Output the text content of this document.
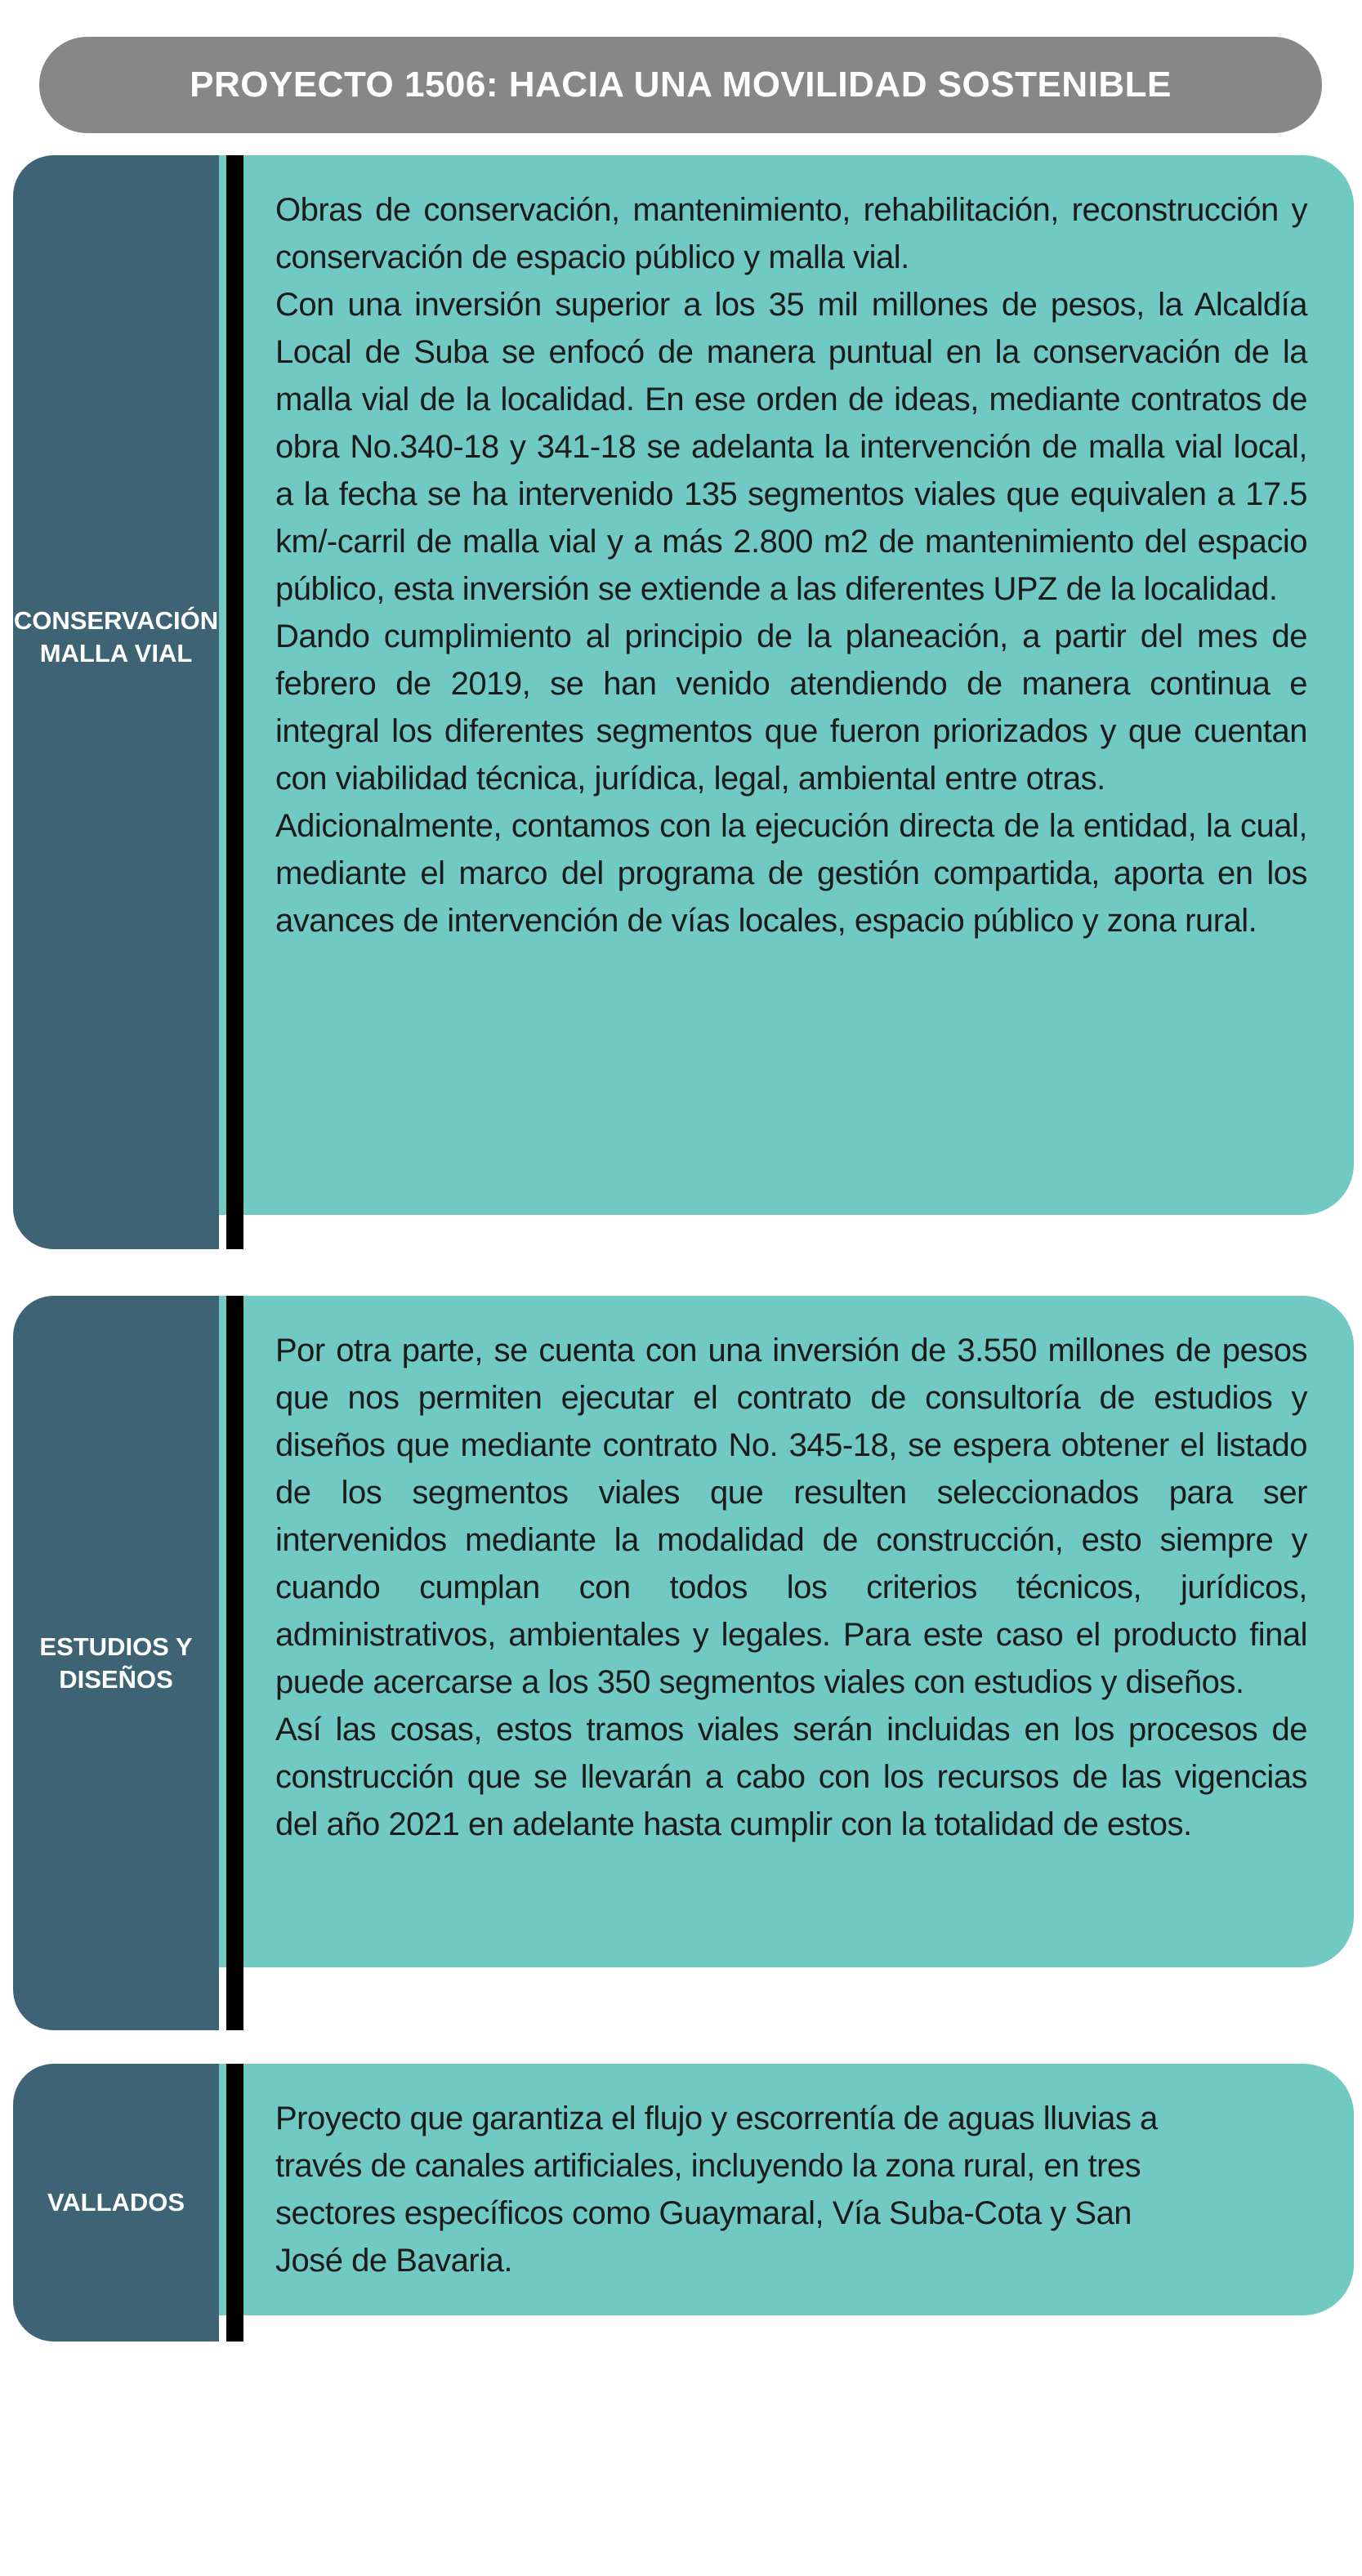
PROYECTO 1506: HACIA UNA MOVILIDAD SOSTENIBLE

Obras de conservación, mantenimiento, rehabilitación, reconstrucción y conservación de espacio público y malla vial.

Con una inversión superior a los 35 mil millones de pesos, la Alcaldía Local de Suba se enfocó de manera puntual en la conservación de la malla vial de la localidad. En ese orden de ideas, mediante contratos de obra No.340-18 y 341-18 se adelanta la intervención de malla vial local, a la fecha se ha intervenido 135 segmentos viales que equivalen a 17.5 km/-carril de malla vial y a más 2.800 m2 de mantenimiento del espacio público, esta inversión se extiende a las diferentes UPZ de la localidad.

Dando cumplimiento al principio de la planeación, a partir del mes de febrero de 2019, se han venido atendiendo de manera continua e integral los diferentes segmentos que fueron priorizados y que cuentan con viabilidad técnica, jurídica, legal, ambiental entre otras.

Adicionalmente, contamos con la ejecución directa de la entidad, la cual, mediante el marco del programa de gestión compartida, aporta en los avances de intervención de vías locales, espacio público y zona rural.

CONSERVACIÓN MALLA VIAL

Por otra parte, se cuenta con una inversión de 3.550 millones de pesos que nos permiten ejecutar el contrato de consultoría de estudios y diseños que mediante contrato No. 345-18, se espera obtener el listado de los segmentos viales que resulten seleccionados para ser intervenidos mediante la modalidad de construcción, esto siempre y cuando cumplan con todos los criterios técnicos, jurídicos, administrativos, ambientales y legales. Para este caso el producto final puede acercarse a los 350 segmentos viales con estudios y diseños.

Así las cosas, estos tramos viales serán incluidas en los procesos de construcción que se llevarán a cabo con los recursos de las vigencias del año 2021 en adelante hasta cumplir con la totalidad de estos.

ESTUDIOS Y DISEÑOS

Proyecto que garantiza el flujo y escorrentía de aguas lluvias a través de canales artificiales, incluyendo la zona rural, en tres sectores específicos como Guaymaral, Vía Suba-Cota y San José de Bavaria.

VALLADOS
